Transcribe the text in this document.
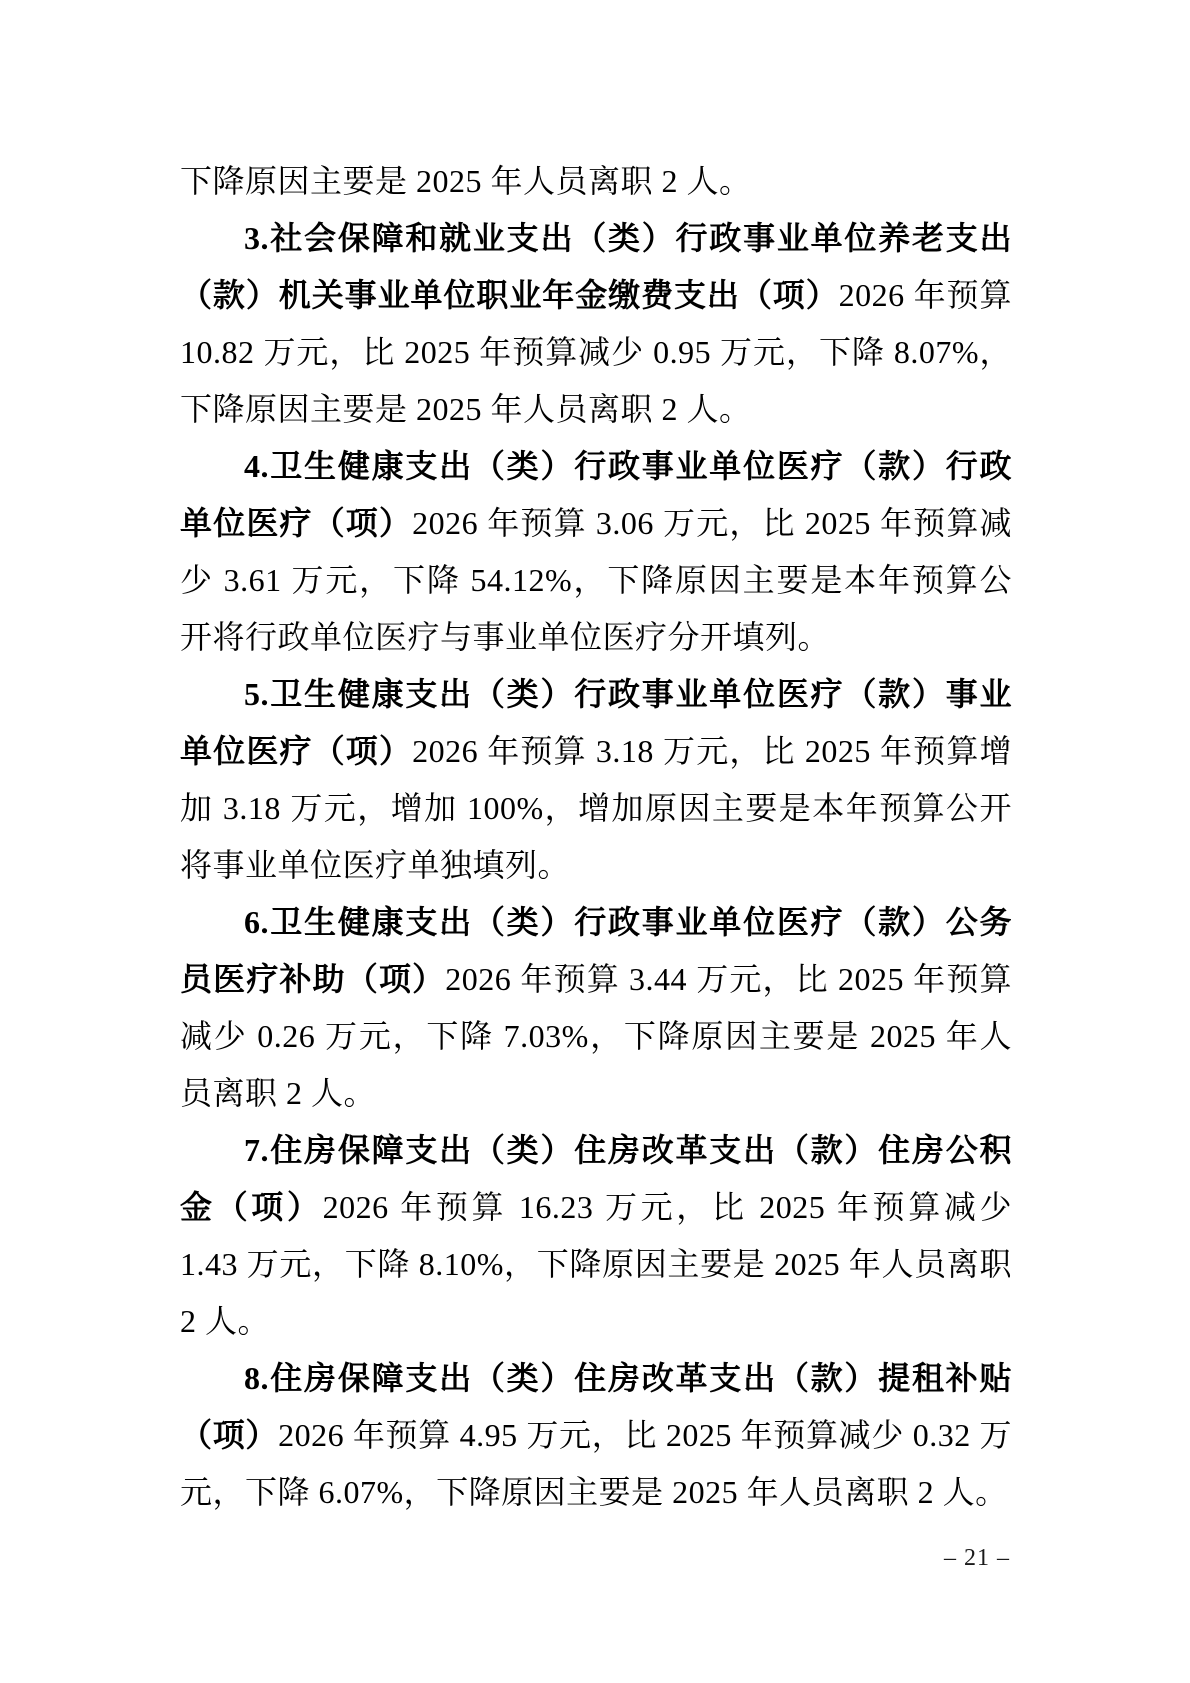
下降原因主要是 2025 年人员离职 2 人。

3.社会保障和就业支出（类）行政事业单位养老支出（款）机关事业单位职业年金缴费支出（项）2026 年预算 10.82 万元，比 2025 年预算减少 0.95 万元，下降 8.07%，下降原因主要是 2025 年人员离职 2 人。

4.卫生健康支出（类）行政事业单位医疗（款）行政单位医疗（项）2026 年预算 3.06 万元，比 2025 年预算减少 3.61 万元，下降 54.12%，下降原因主要是本年预算公开将行政单位医疗与事业单位医疗分开填列。

5.卫生健康支出（类）行政事业单位医疗（款）事业单位医疗（项）2026 年预算 3.18 万元，比 2025 年预算增加 3.18 万元，增加 100%，增加原因主要是本年预算公开将事业单位医疗单独填列。

6.卫生健康支出（类）行政事业单位医疗（款）公务员医疗补助（项）2026 年预算 3.44 万元，比 2025 年预算减少 0.26 万元，下降 7.03%，下降原因主要是 2025 年人员离职 2 人。

7.住房保障支出（类）住房改革支出（款）住房公积金（项）2026 年预算 16.23 万元，比 2025 年预算减少 1.43 万元，下降 8.10%，下降原因主要是 2025 年人员离职 2 人。

8.住房保障支出（类）住房改革支出（款）提租补贴（项）2026 年预算 4.95 万元，比 2025 年预算减少 0.32 万元，下降 6.07%，下降原因主要是 2025 年人员离职 2 人。

– 21 –
